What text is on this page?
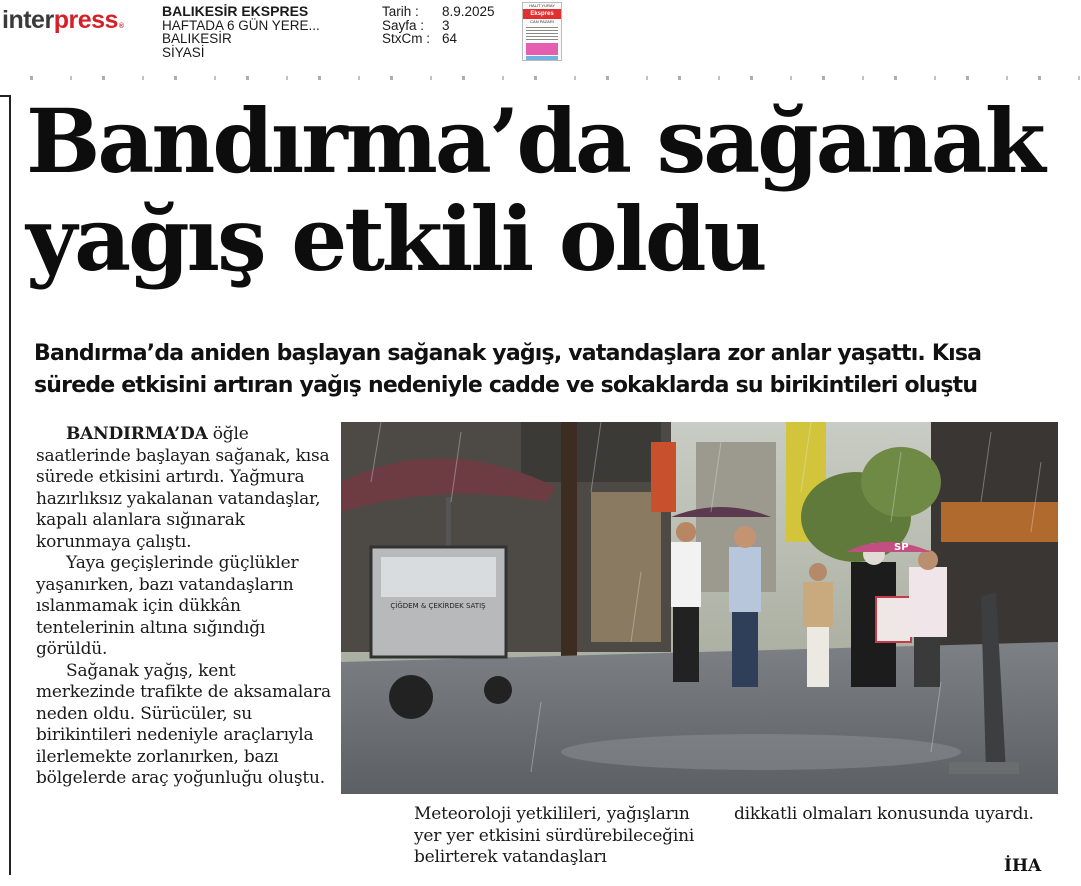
inter press ®
BALIKESİR EKSPRES
HAFTADA 6 GÜN YERE...
BALIKESİR
SİYASİ
Tarih :	8.9.2025
Sayfa :	3
StxCm : 64
HALIT YURAY
Ekspres
CAN PAZARI
Bandırma’da sağanak
yağış etkili oldu
Bandırma’da aniden başlayan sağanak yağış, vatandaşlara zor anlar yaşattı. Kısa
sürede etkisini artıran yağış nedeniyle cadde ve sokaklarda su birikintileri oluştu

BANDIRMA’DA öğle saatlerinde başlayan sağanak, kısa sürede etkisini artırdı. Yağmura hazırlıksız yakalanan vatandaşlar, kapalı alanlara sığınarak korunmaya çalıştı.

Yaya geçişlerinde güçlükler yaşanırken, bazı vatandaşların ıslanmamak için dükkân tentelerinin altına sığındığı görüldü.

Sağanak yağış, kent merkezinde trafikte de aksamalara neden oldu. Sürücüler, su birikintileri nedeniyle araçlarıyla ilerlemekte zorlanırken, bazı bölgelerde araç yoğunluğu oluştu.

Meteoroloji yetkilileri, yağışların yer yer etkisini sürdürebileceğini belirterek vatandaşları

dikkatli olmaları konusunda uyardı.

İHA
ÇİĞDEM & ÇEKİRDEK SATIŞ
SP
